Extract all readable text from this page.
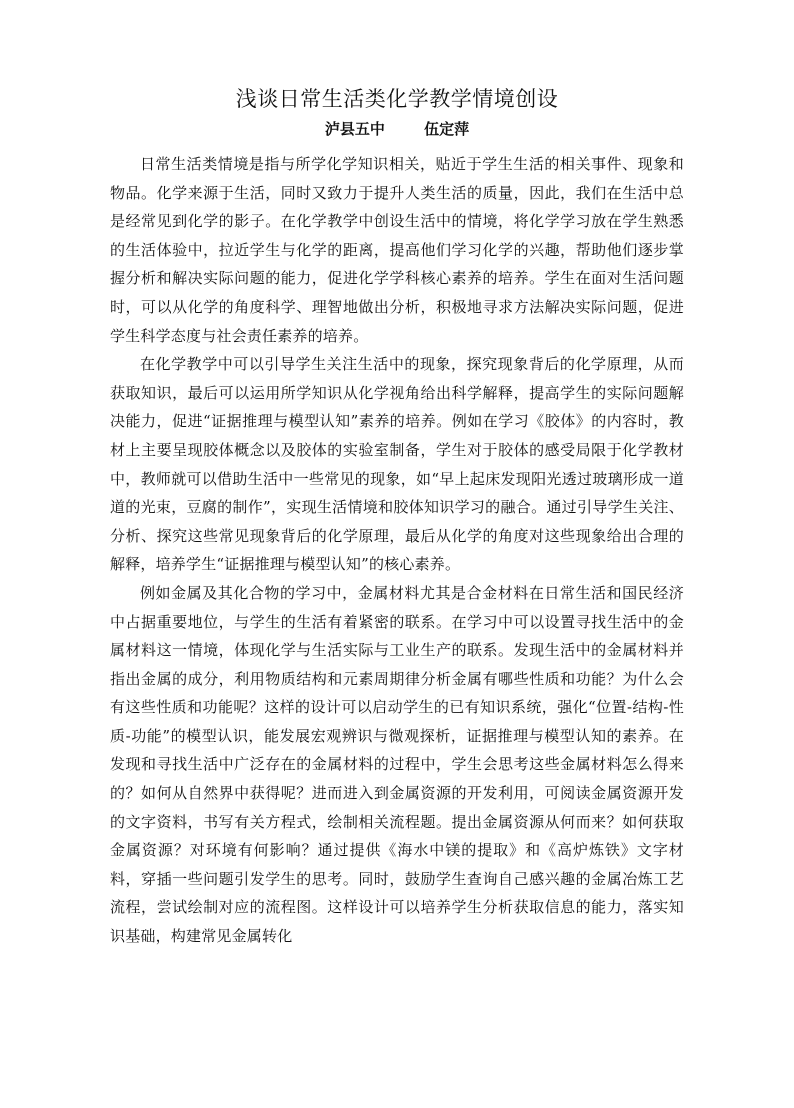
浅谈日常生活类化学教学情境创设
泸县五中	伍定萍

日常生活类情境是指与所学化学知识相关，贴近于学生生活的相关事件、现象和物品。化学来源于生活，同时又致力于提升人类生活的质量，因此，我们在生活中总是经常见到化学的影子。在化学教学中创设生活中的情境，将化学学习放在学生熟悉的生活体验中，拉近学生与化学的距离，提高他们学习化学的兴趣，帮助他们逐步掌握分析和解决实际问题的能力，促进化学学科核心素养的培养。学生在面对生活问题时，可以从化学的角度科学、理智地做出分析，积极地寻求方法解决实际问题，促进学生科学态度与社会责任素养的培养。

在化学教学中可以引导学生关注生活中的现象，探究现象背后的化学原理，从而获取知识，最后可以运用所学知识从化学视角给出科学解释，提高学生的实际问题解决能力，促进“证据推理与模型认知”素养的培养。例如在学习《胶体》的内容时，教材上主要呈现胶体概念以及胶体的实验室制备，学生对于胶体的感受局限于化学教材中，教师就可以借助生活中一些常见的现象，如“早上起床发现阳光透过玻璃形成一道道的光束，豆腐的制作”，实现生活情境和胶体知识学习的融合。通过引导学生关注、分析、探究这些常见现象背后的化学原理，最后从化学的角度对这些现象给出合理的解释，培养学生“证据推理与模型认知”的核心素养。

例如金属及其化合物的学习中，金属材料尤其是合金材料在日常生活和国民经济中占据重要地位，与学生的生活有着紧密的联系。在学习中可以设置寻找生活中的金属材料这一情境，体现化学与生活实际与工业生产的联系。发现生活中的金属材料并指出金属的成分，利用物质结构和元素周期律分析金属有哪些性质和功能？为什么会有这些性质和功能呢？这样的设计可以启动学生的已有知识系统，强化“位置-结构-性质-功能”的模型认识，能发展宏观辨识与微观探析，证据推理与模型认知的素养。在发现和寻找生活中广泛存在的金属材料的过程中，学生会思考这些金属材料怎么得来的？如何从自然界中获得呢？进而进入到金属资源的开发利用，可阅读金属资源开发的文字资料，书写有关方程式，绘制相关流程题。提出金属资源从何而来？如何获取金属资源？对环境有何影响？通过提供《海水中镁的提取》和《高炉炼铁》文字材料，穿插一些问题引发学生的思考。同时，鼓励学生查询自己感兴趣的金属冶炼工艺流程，尝试绘制对应的流程图。这样设计可以培养学生分析获取信息的能力，落实知识基础，构建常见金属转化
